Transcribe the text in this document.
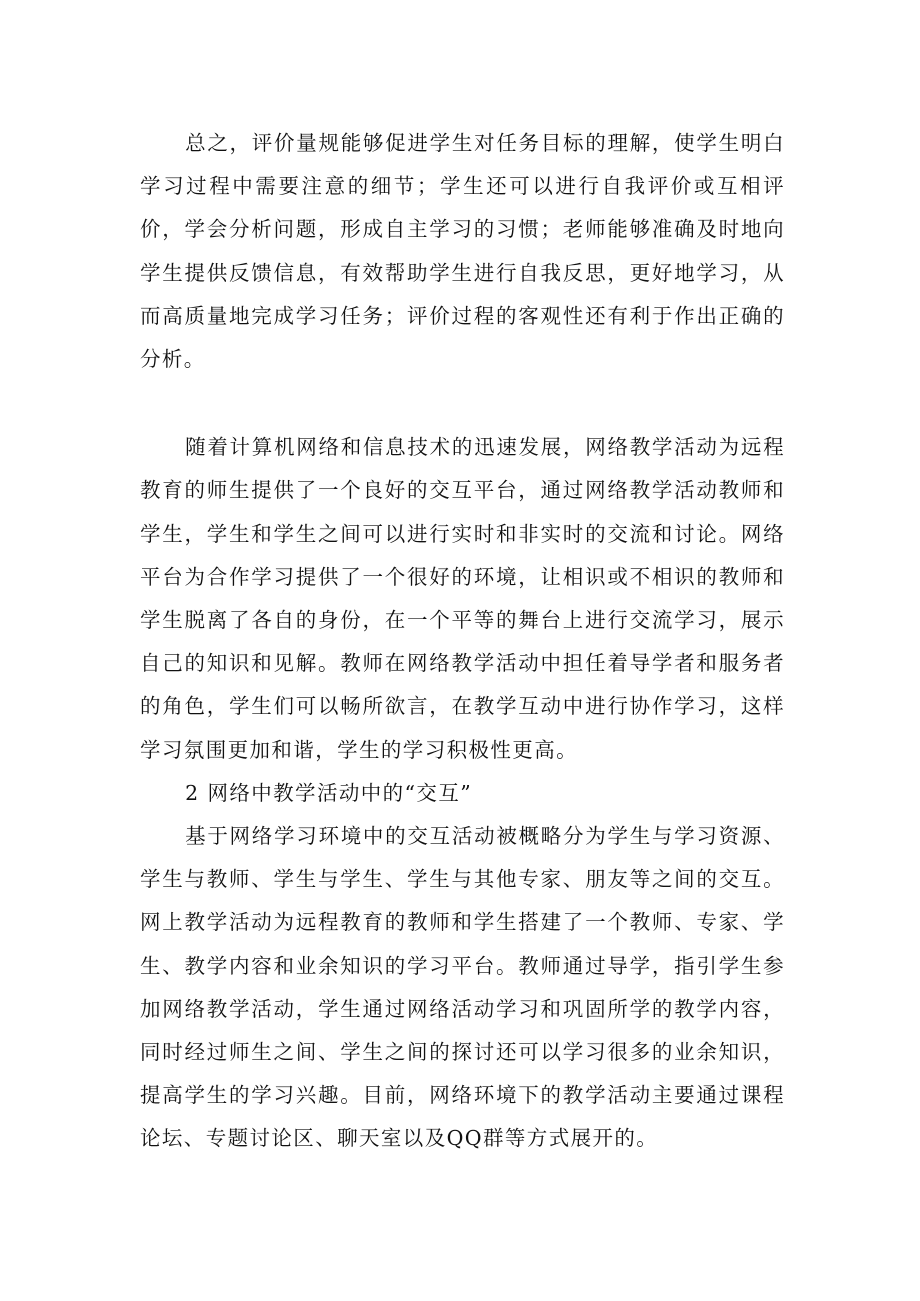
总之，评价量规能够促进学生对任务目标的理解，使学生明白学习过程中需要注意的细节；学生还可以进行自我评价或互相评价，学会分析问题，形成自主学习的习惯；老师能够准确及时地向学生提供反馈信息，有效帮助学生进行自我反思，更好地学习，从而高质量地完成学习任务；评价过程的客观性还有利于作出正确的分析。

随着计算机网络和信息技术的迅速发展，网络教学活动为远程教育的师生提供了一个良好的交互平台，通过网络教学活动教师和学生，学生和学生之间可以进行实时和非实时的交流和讨论。网络平台为合作学习提供了一个很好的环境，让相识或不相识的教师和学生脱离了各自的身份，在一个平等的舞台上进行交流学习，展示自己的知识和见解。教师在网络教学活动中担任着导学者和服务者的角色，学生们可以畅所欲言，在教学互动中进行协作学习，这样学习氛围更加和谐，学生的学习积极性更高。

2 网络中教学活动中的“交互”

基于网络学习环境中的交互活动被概略分为学生与学习资源、学生与教师、学生与学生、学生与其他专家、朋友等之间的交互。网上教学活动为远程教育的教师和学生搭建了一个教师、专家、学生、教学内容和业余知识的学习平台。教师通过导学，指引学生参加网络教学活动，学生通过网络活动学习和巩固所学的教学内容，同时经过师生之间、学生之间的探讨还可以学习很多的业余知识，提高学生的学习兴趣。目前，网络环境下的教学活动主要通过课程论坛、专题讨论区、聊天室以及QQ群等方式展开的。
